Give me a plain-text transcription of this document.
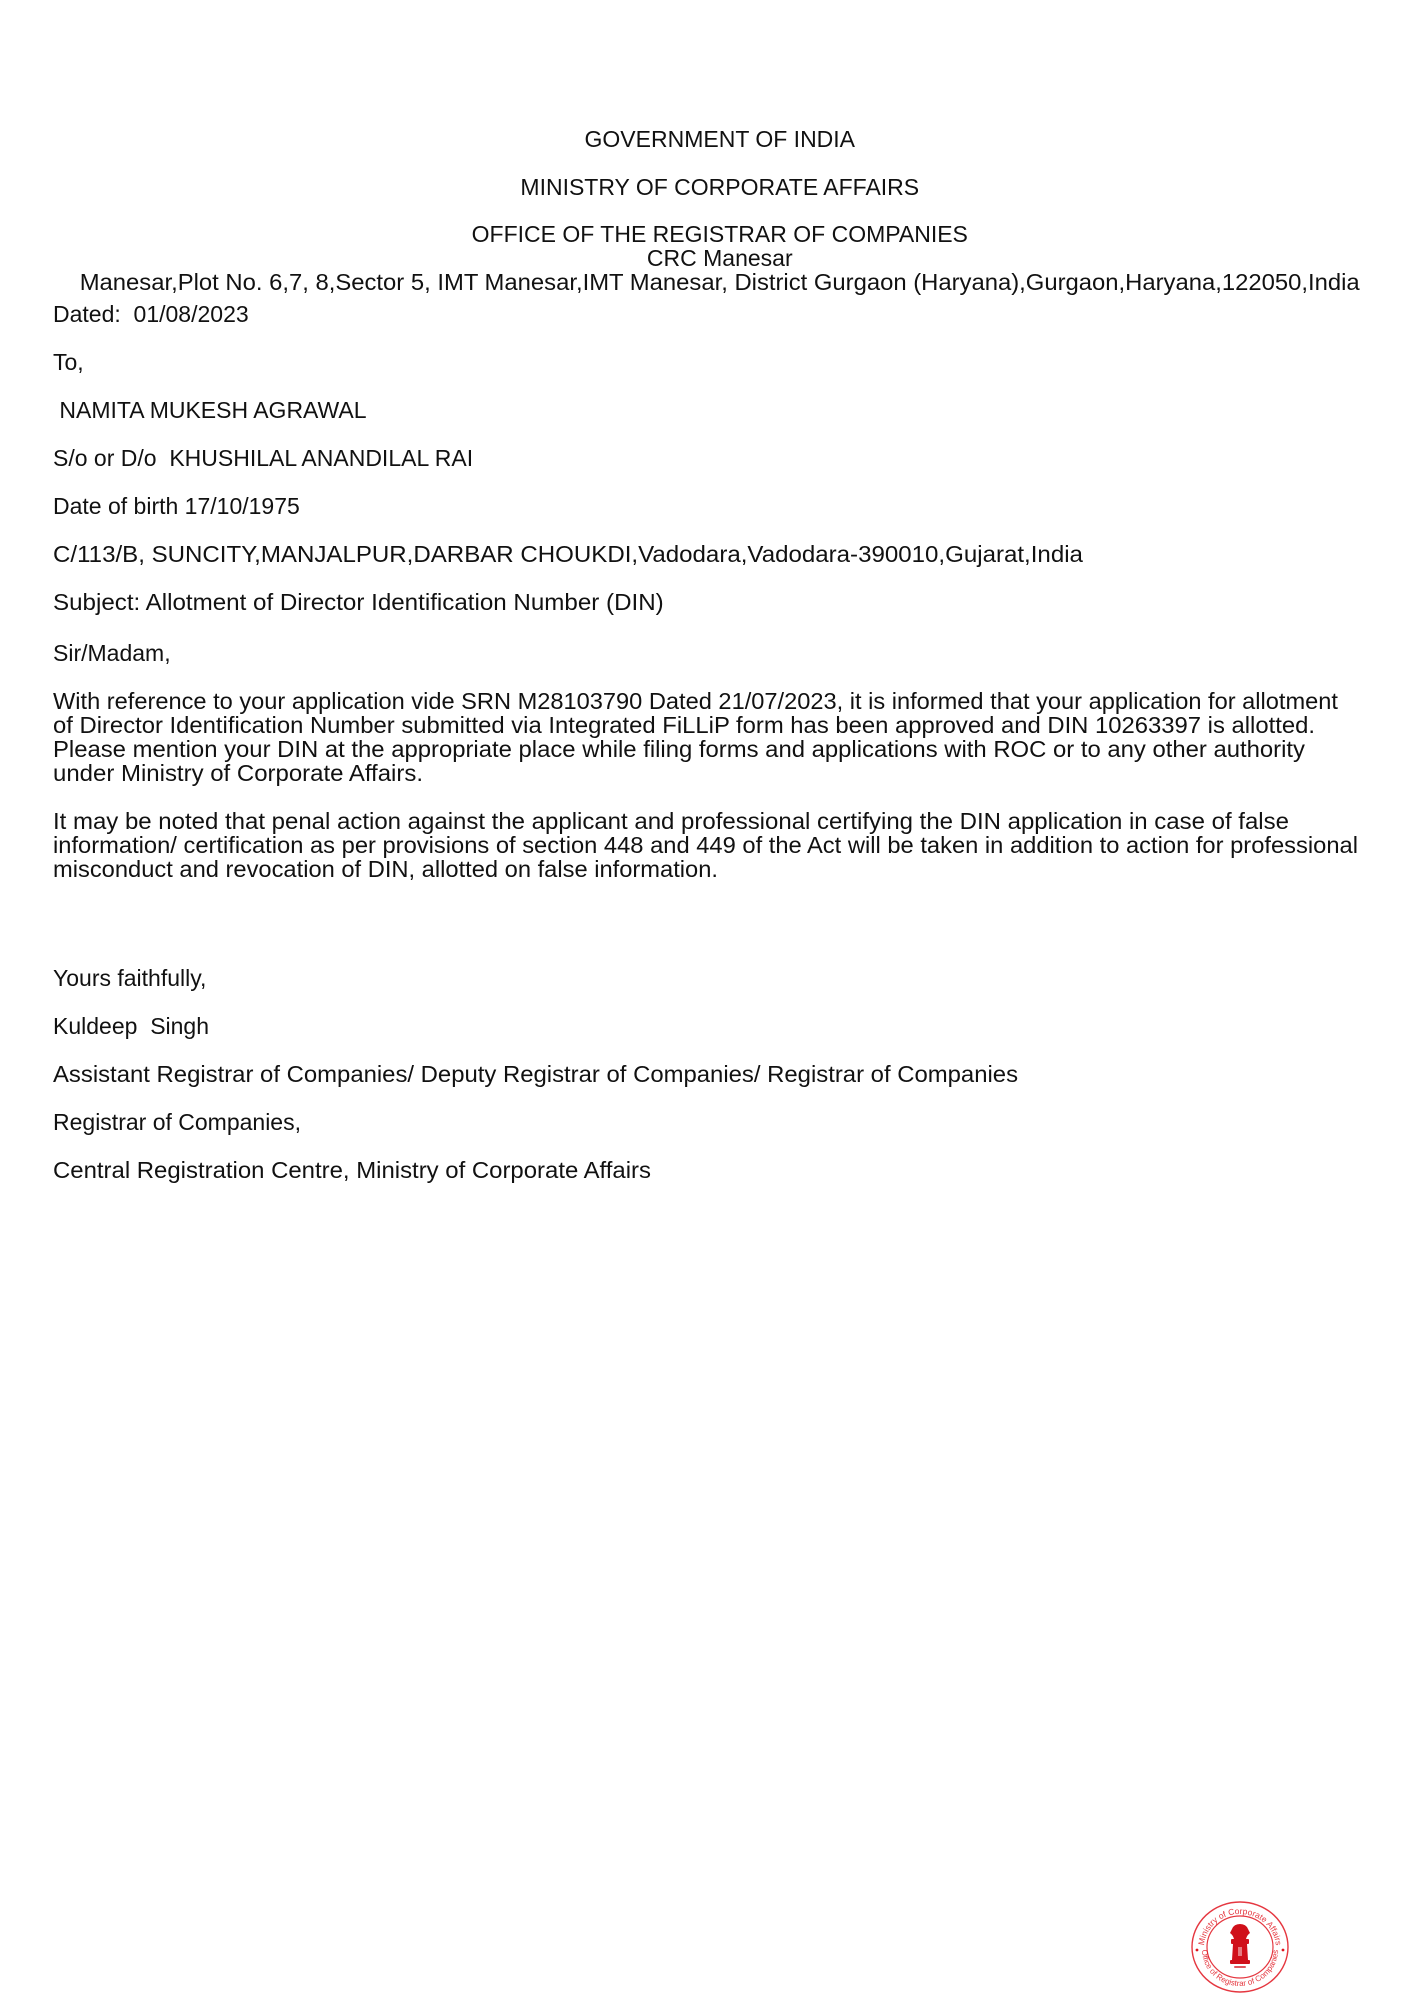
GOVERNMENT OF INDIA

MINISTRY OF CORPORATE AFFAIRS

OFFICE OF THE REGISTRAR OF COMPANIES

CRC Manesar

Manesar,Plot No. 6,7, 8,Sector 5, IMT Manesar,IMT Manesar, District Gurgaon (Haryana),Gurgaon,Haryana,122050,India

Dated:  01/08/2023
To,
NAMITA MUKESH AGRAWAL
S/o or D/o  KHUSHILAL ANANDILAL RAI
Date of birth 17/10/1975
C/113/B, SUNCITY,MANJALPUR,DARBAR CHOUKDI,Vadodara,Vadodara-390010,Gujarat,India
Subject: Allotment of Director Identification Number (DIN)
Sir/Madam,
With reference to your application vide SRN M28103790 Dated 21/07/2023, it is informed that your application for allotment
of Director Identification Number submitted via Integrated FiLLiP form has been approved and DIN 10263397 is allotted.
Please mention your DIN at the appropriate place while filing forms and applications with ROC or to any other authority
under Ministry of Corporate Affairs.
It may be noted that penal action against the applicant and professional certifying the DIN application in case of false
information/ certification as per provisions of section 448 and 449 of the Act will be taken in addition to action for professional
misconduct and revocation of DIN, allotted on false information.
Yours faithfully,
Kuldeep  Singh
Assistant Registrar of Companies/ Deputy Registrar of Companies/ Registrar of Companies
Registrar of Companies,
Central Registration Centre, Ministry of Corporate Affairs
Ministry of Corporate Affairs
Office of Registrar of Companies
